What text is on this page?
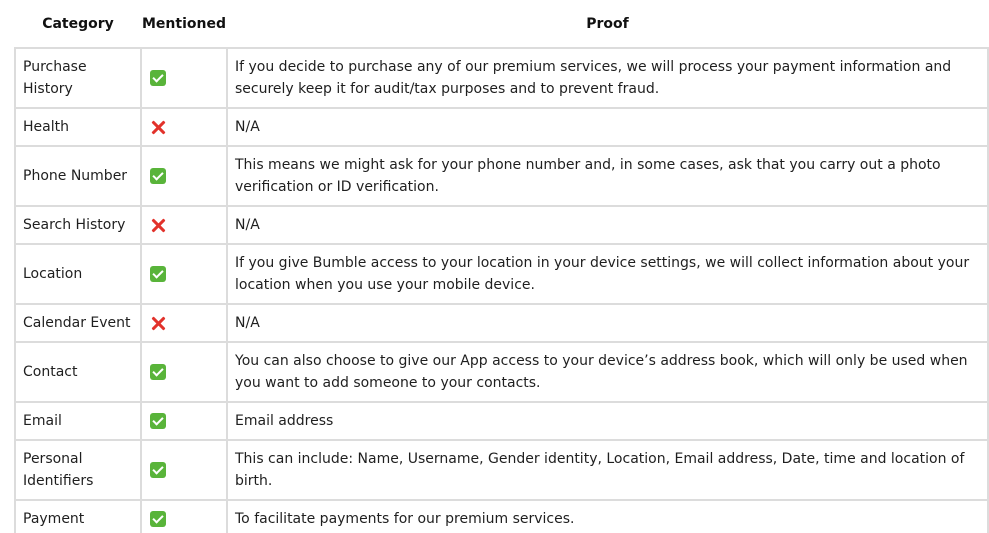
Category	Mentioned	Proof
Purchase History		If you decide to purchase any of our premium services, we will process your payment information and securely keep it for audit/tax purposes and to prevent fraud.
Health		N/A
Phone Number		This means we might ask for your phone number and, in some cases, ask that you carry out a photo verification or ID verification.
Search History		N/A
Location		If you give Bumble access to your location in your device settings, we will collect information about your location when you use your mobile device.
Calendar Event		N/A
Contact		You can also choose to give our App access to your device’s address book, which will only be used when you want to add someone to your contacts.
Email		Email address
Personal Identifiers		This can include: Name, Username, Gender identity, Location, Email address, Date, time and location of birth.
Payment		To facilitate payments for our premium services.
